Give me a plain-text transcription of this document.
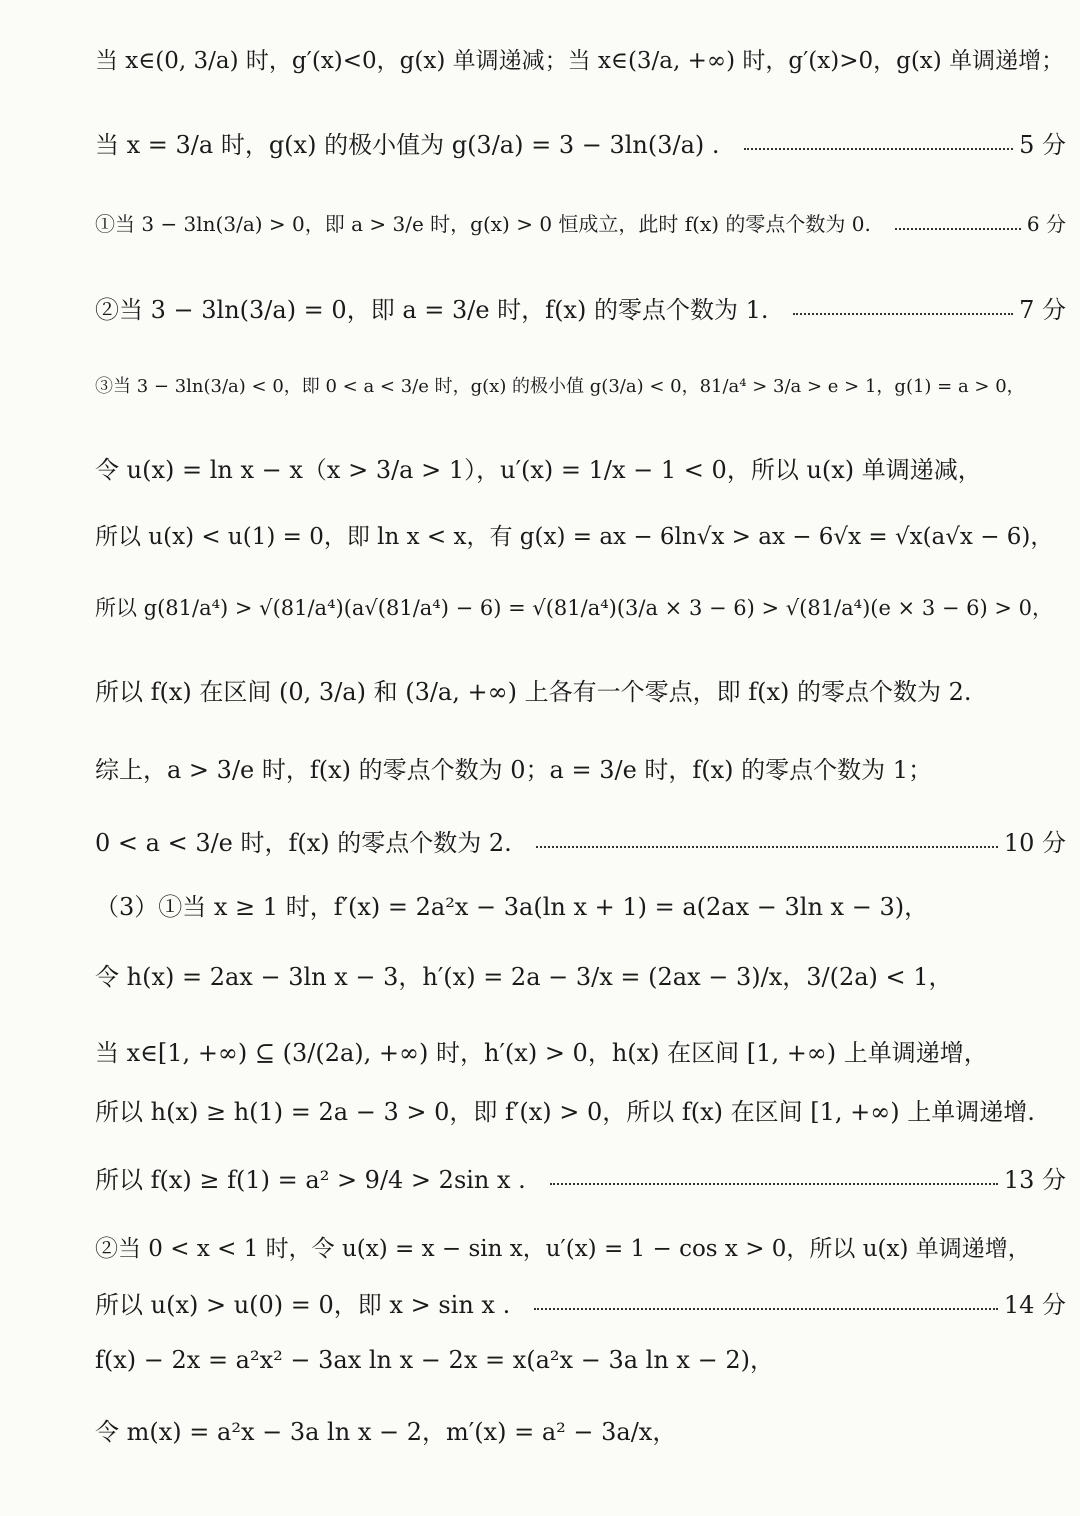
当 x∈(0, 3/a) 时，g′(x)<0，g(x) 单调递减；当 x∈(3/a, +∞) 时，g′(x)>0，g(x) 单调递增；
当 x = 3/a 时，g(x) 的极小值为 g(3/a) = 3 − 3ln(3/a) .	5 分
①当 3 − 3ln(3/a) > 0，即 a > 3/e 时，g(x) > 0 恒成立，此时 f(x) 的零点个数为 0.	6 分
②当 3 − 3ln(3/a) = 0，即 a = 3/e 时，f(x) 的零点个数为 1.	7 分
③当 3 − 3ln(3/a) < 0，即 0 < a < 3/e 时，g(x) 的极小值 g(3/a) < 0，81/a⁴ > 3/a > e > 1，g(1) = a > 0，
令 u(x) = ln x − x（x > 3/a > 1），u′(x) = 1/x − 1 < 0，所以 u(x) 单调递减，
所以 u(x) < u(1) = 0，即 ln x < x，有 g(x) = ax − 6ln√x > ax − 6√x = √x(a√x − 6)，
所以 g(81/a⁴) > √(81/a⁴)(a√(81/a⁴) − 6) = √(81/a⁴)(3/a × 3 − 6) > √(81/a⁴)(e × 3 − 6) > 0，
所以 f(x) 在区间 (0, 3/a) 和 (3/a, +∞) 上各有一个零点，即 f(x) 的零点个数为 2.
综上，a > 3/e 时，f(x) 的零点个数为 0；a = 3/e 时，f(x) 的零点个数为 1；
0 < a < 3/e 时，f(x) 的零点个数为 2.	10 分
（3）①当 x ≥ 1 时，f′(x) = 2a²x − 3a(ln x + 1) = a(2ax − 3ln x − 3)，
令 h(x) = 2ax − 3ln x − 3，h′(x) = 2a − 3/x = (2ax − 3)/x，3/(2a) < 1，
当 x∈[1, +∞) ⊆ (3/(2a), +∞) 时，h′(x) > 0，h(x) 在区间 [1, +∞) 上单调递增，
所以 h(x) ≥ h(1) = 2a − 3 > 0，即 f′(x) > 0，所以 f(x) 在区间 [1, +∞) 上单调递增.
所以 f(x) ≥ f(1) = a² > 9/4 > 2sin x .	13 分
②当 0 < x < 1 时，令 u(x) = x − sin x，u′(x) = 1 − cos x > 0，所以 u(x) 单调递增，
所以 u(x) > u(0) = 0，即 x > sin x .	14 分
f(x) − 2x = a²x² − 3ax ln x − 2x = x(a²x − 3a ln x − 2)，
令 m(x) = a²x − 3a ln x − 2，m′(x) = a² − 3a/x，
